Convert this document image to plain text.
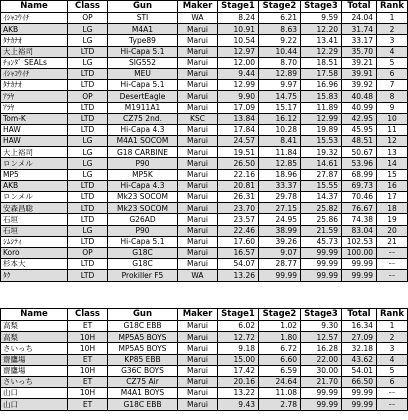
Name	Class	Gun	Maker	Stage1	Stage2	Stage3	Total	Rank
ｲｼｬｺｳｲﾁ	OP	STI	WA	8.24	6.21	9.59	24.04	1
AKB	LG	M4A1	Marui	10.91	8.63	12.20	31.74	2
ﾀﾅｶﾅｵ	LG	Type89	Marui	10.54	9.22	13.41	33.17	3
大上裕司	LTD	Hi-Capa 5.1	Marui	12.97	10.44	12.29	35.70	4
ﾁｮﾝﾀﾞ SEALs	LG	SIG552	Marui	12.00	8.70	18.51	39.21	5
ｲｼｬｺｳｲﾁ	LTD	MEU	Marui	9.44	12.89	17.58	39.91	6
ﾀﾅｶﾅｵ	LTD	Hi-Capa 5.1	Marui	12.99	9.97	16.96	39.92	7
ｱﾗﾔ	OP	DesertEagle	Marui	9.90	14.75	15.83	40.48	8
ｱﾗﾔ	LTD	M1911A1	Marui	17.09	15.17	11.89	40.99	9
Tom-K	LTD	CZ75 2nd.	KSC	13.84	16.12	12.99	42.95	10
HAW	LTD	Hi-Capa 4.3	Marui	17.84	10.28	19.89	45.95	11
HAW	LG	M4A1 SOCOM	Marui	24.57	8.41	15.53	48.51	12
大上裕司	LG	G18 CARBINE	Marui	19.51	11.84	19.32	50.67	13
ロンメル	LG	P90	Marui	26.50	12.85	14.61	53.96	14
MP5	LG	MP5K	Marui	22.16	18.96	27.87	68.99	15
AKB	LTD	Hi-Capa 4.3	Marui	20.81	33.37	15.55	69.73	16
ロンメル	LTD	Mk23 SOCOM	Marui	26.31	29.78	14.37	70.46	17
安森昌聡	LTD	Mk23 SOCOM	Marui	23.70	27.15	25.82	76.67	18
石垣	LTD	G26AD	Marui	23.57	24.95	25.86	74.38	19
石垣	LG	P90	Marui	22.46	38.99	21.59	83.04	20
ｼﾑｼﾃｨ	LTD	Hi-Capa 5.1	Marui	17.60	39.26	45.73	102.53	21
Koro	OP	G18C	Marui	16.57	9.07	99.99	100.00	ー
杉本大	LTD	G18C	Marui	54.07	28.77	99.99	99.99	ー
ﾀｸ	LTD	Prokiller F5	WA	13.26	99.99	99.99	99.99	ー
Name	Class	Gun	Maker	Stage1	Stage2	Stage3	Total	Rank
高梨	ET	G18C EBB	Marui	6.02	1.02	9.30	16.34	1
高梨	10H	MP5A5 BOYS	Marui	12.72	1.80	12.57	27.09	2
さいっち	10H	MP5A5 BOYS	Marui	9.18	6.72	16.28	32.18	3
齋鷹場	ET	KP85 EBB	Marui	15.00	6.60	22.00	43.62	4
齋鷹場	10H	G36C BOYS	Marui	17.42	6.59	30.00	54.01	5
さいっち	ET	CZ75 Air	Marui	20.16	24.64	21.70	66.50	6
山口	10H	M4A1 BOYS	Marui	13.22	11.08	99.99	99.99	ー
山口	ET	G18C EBB	Marui	9.43	2.78	99.99	99.99	ー
